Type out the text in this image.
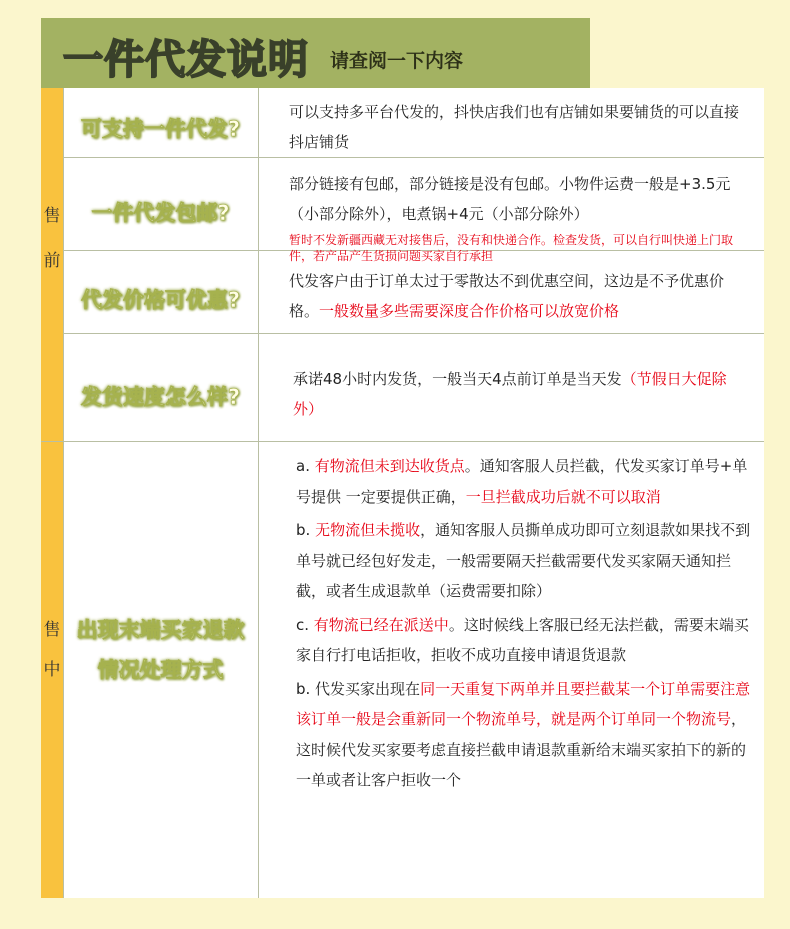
一件代发说明 请查阅一下内容
售
前
售
中
可支持一件代发?
可以支持多平台代发的，抖快店我们也有店铺如果要铺货的可以直接抖店铺货
一件代发包邮?
部分链接有包邮，部分链接是没有包邮。小物件运费一般是+3.5元（小部分除外），电煮锅+4元（小部分除外）
暂时不发新疆西藏无对接售后，没有和快递合作。检查发货，可以自行叫快递上门取件，若产品产生货损问题买家自行承担
代发价格可优惠?
代发客户由于订单太过于零散达不到优惠空间，这边是不予优惠价格。一般数量多些需要深度合作价格可以放宽价格
发货速度怎么样?
承诺48小时内发货，一般当天4点前订单是当天发（节假日大促除外）
出现末端买家退款
情况处理方式

a. 有物流但未到达收货点。通知客服人员拦截，代发买家订单号+单号提供 一定要提供正确，一旦拦截成功后就不可以取消

b. 无物流但未揽收，通知客服人员撕单成功即可立刻退款如果找不到单号就已经包好发走，一般需要隔天拦截需要代发买家隔天通知拦截，或者生成退款单（运费需要扣除）

c. 有物流已经在派送中。这时候线上客服已经无法拦截，需要末端买家自行打电话拒收，拒收不成功直接申请退货退款

b. 代发买家出现在同一天重复下两单并且要拦截某一个订单需要注意该订单一般是会重新同一个物流单号，就是两个订单同一个物流号，这时候代发买家要考虑直接拦截申请退款重新给末端买家拍下的新的一单或者让客户拒收一个
